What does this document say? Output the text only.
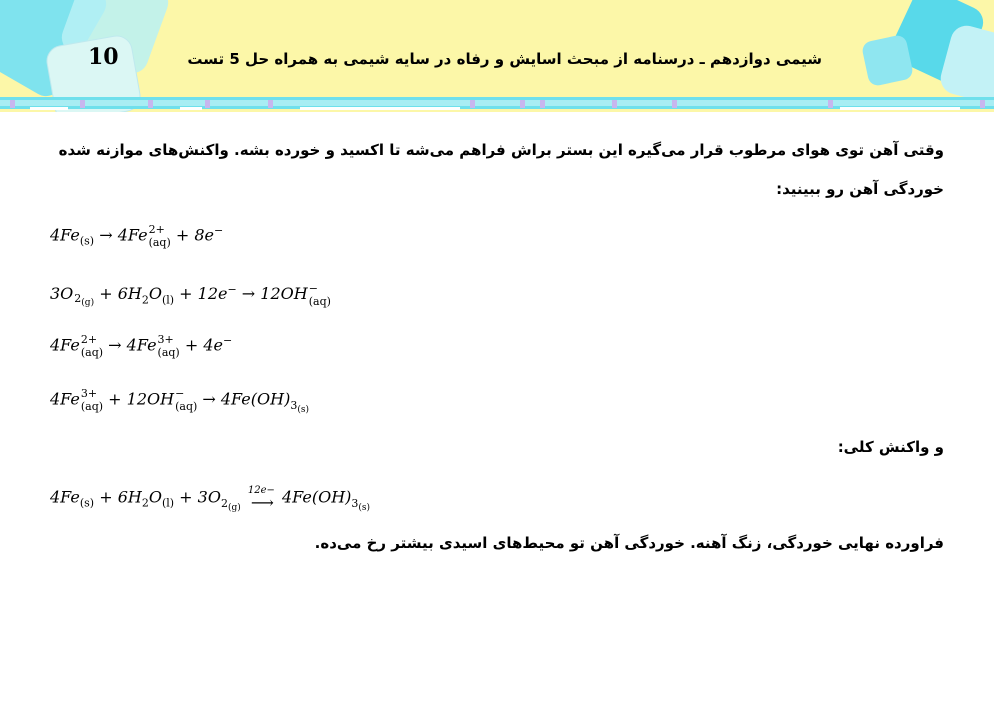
10	شیمی دوازدهم ـ درسنامه از مبحث اسایش و رفاه در سایه شیمی به همراه حل 5 تست
وقتی آهن توی هوای مرطوب قرار می‌گیره این بستر براش فراهم می‌شه تا اکسید و خورده بشه. واکنش‌های موازنه شده
خوردگی آهن رو ببینید:
$4Fe_{(s)} \to 4Fe$ 2+
(aq) + 8e−
3O
$2_{(g)}$
+ $6H_2O_{(l)} + 12e^- \to 12OH$ −
(aq)
4Fe 2+
(aq) → 4Fe 3+
(aq) + 4e−
4Fe 3+
(aq) + 12OH −
$(aq) \to 4Fe(OH)_{3_{(s)}}$
و واکنش کلی:
$4Fe_{(s)} + 6H_2O_{(l)} + 3O_{2_{(g)}}$
12e−
⟶ $4Fe(OH)_{3_{(s)}}$
فراورده نهایی خوردگی، زنگ آهنه. خوردگی آهن تو محیط‌های اسیدی بیشتر رخ می‌ده.
